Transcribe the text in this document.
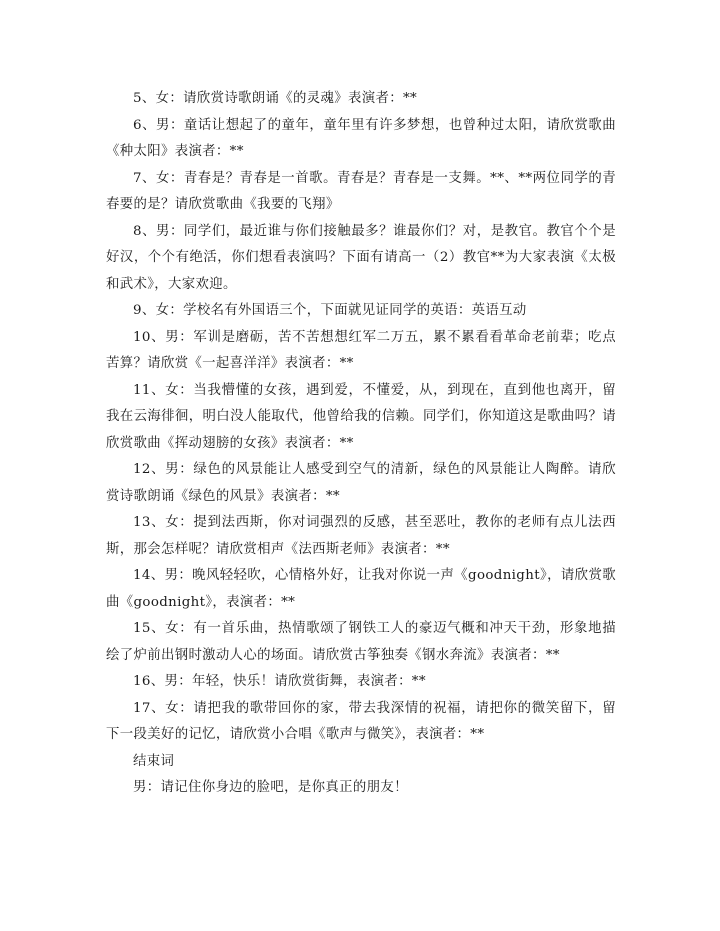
5、女：请欣赏诗歌朗诵《的灵魂》表演者：**

6、男：童话让想起了的童年，童年里有许多梦想，也曾种过太阳，请欣赏歌曲《种太阳》表演者：**

7、女：青春是？青春是一首歌。青春是？青春是一支舞。**、**两位同学的青春要的是？请欣赏歌曲《我要的飞翔》

8、男：同学们，最近谁与你们接触最多？谁最你们？对，是教官。教官个个是好汉，个个有绝活，你们想看表演吗？下面有请高一（2）教官**为大家表演《太极和武术》，大家欢迎。

9、女：学校名有外国语三个，下面就见证同学的英语：英语互动

10、男：军训是磨砺，苦不苦想想红军二万五，累不累看看革命老前辈；吃点苦算？请欣赏《一起喜洋洋》表演者：**

11、女：当我懵懂的女孩，遇到爱，不懂爱，从，到现在，直到他也离开，留我在云海徘徊，明白没人能取代，他曾给我的信赖。同学们，你知道这是歌曲吗？请欣赏歌曲《挥动翅膀的女孩》表演者：**

12、男：绿色的风景能让人感受到空气的清新，绿色的风景能让人陶醉。请欣赏诗歌朗诵《绿色的风景》表演者：**

13、女：提到法西斯，你对词强烈的反感，甚至恶吐，教你的老师有点儿法西斯，那会怎样呢？请欣赏相声《法西斯老师》表演者：**

14、男：晚风轻轻吹，心情格外好，让我对你说一声《goodnight》，请欣赏歌曲《goodnight》，表演者：**

15、女：有一首乐曲，热情歌颂了钢铁工人的豪迈气概和冲天干劲，形象地描绘了炉前出钢时激动人心的场面。请欣赏古筝独奏《钢水奔流》表演者：**

16、男：年轻，快乐！请欣赏街舞，表演者：**

17、女：请把我的歌带回你的家，带去我深情的祝福，请把你的微笑留下，留下一段美好的记忆，请欣赏小合唱《歌声与微笑》，表演者：**

结束词

男：请记住你身边的脸吧，是你真正的朋友！
